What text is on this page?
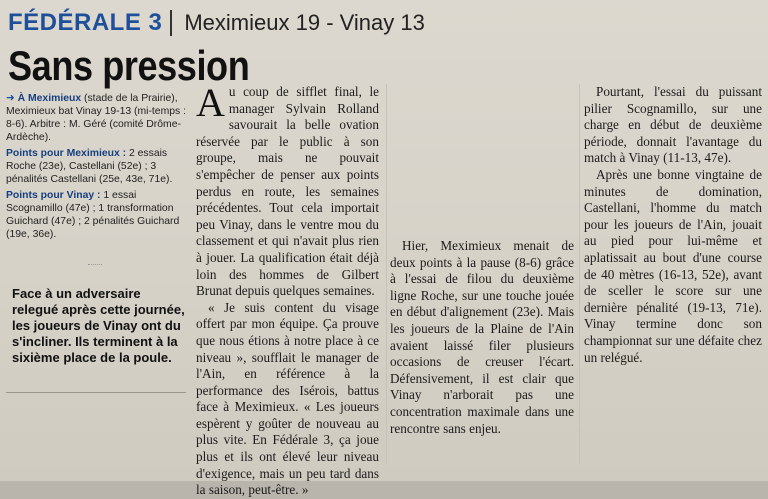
FÉDÉRALE 3 Meximieux 19 - Vinay 13
Sans pression

➜ À Meximieux (stade de la Prairie), Meximieux bat Vinay 19-13 (mi-temps : 8-6). Arbitre : M. Géré (comité Drôme-Ardèche).

Points pour Meximieux : 2 essais Roche (23e), Castellani (52e) ; 3 pénalités Castellani (25e, 43e, 71e).

Points pour Vinay : 1 essai Scognamillo (47e) ; 1 transformation Guichard (47e) ; 2 pénalités Guichard (19e, 36e).

Face à un adversaire relegué après cette journée, les joueurs de Vinay ont du s'incliner. Ils terminent à la sixième place de la poule.

Au coup de sifflet final, le manager Sylvain Rolland savourait la belle ovation réservée par le public à son groupe, mais ne pouvait s'empêcher de penser aux points perdus en route, les semaines précédentes. Tout cela importait peu Vinay, dans le ventre mou du classement et qui n'avait plus rien à jouer. La qualification était déjà loin des hommes de Gilbert Brunat depuis quelques semaines.

« Je suis content du visage offert par mon équipe. Ça prouve que nous étions à notre place à ce niveau », soufflait le manager de l'Ain, en référence à la performance des Isérois, battus face à Meximieux. « Les joueurs espèrent y goûter de nouveau au plus vite. En Fédérale 3, ça joue plus et ils ont élevé leur niveau d'exigence, mais un peu tard dans la saison, peut-être. »

Hier, Meximieux menait de deux points à la pause (8-6) grâce à l'essai de filou du deuxième ligne Roche, sur une touche jouée en début d'alignement (23e). Mais les joueurs de la Plaine de l'Ain avaient laissé filer plusieurs occasions de creuser l'écart. Défensivement, il est clair que Vinay n'arborait pas une concentration maximale dans une rencontre sans enjeu.

Pourtant, l'essai du puissant pilier Scognamillo, sur une charge en début de deuxième période, donnait l'avantage du match à Vinay (11-13, 47e).

Après une bonne vingtaine de minutes de domination, Castellani, l'homme du match pour les joueurs de l'Ain, jouait au pied pour lui-même et aplatissait au bout d'une course de 40 mètres (16-13, 52e), avant de sceller le score sur une dernière pénalité (19-13, 71e). Vinay termine donc son championnat sur une défaite chez un relégué.
